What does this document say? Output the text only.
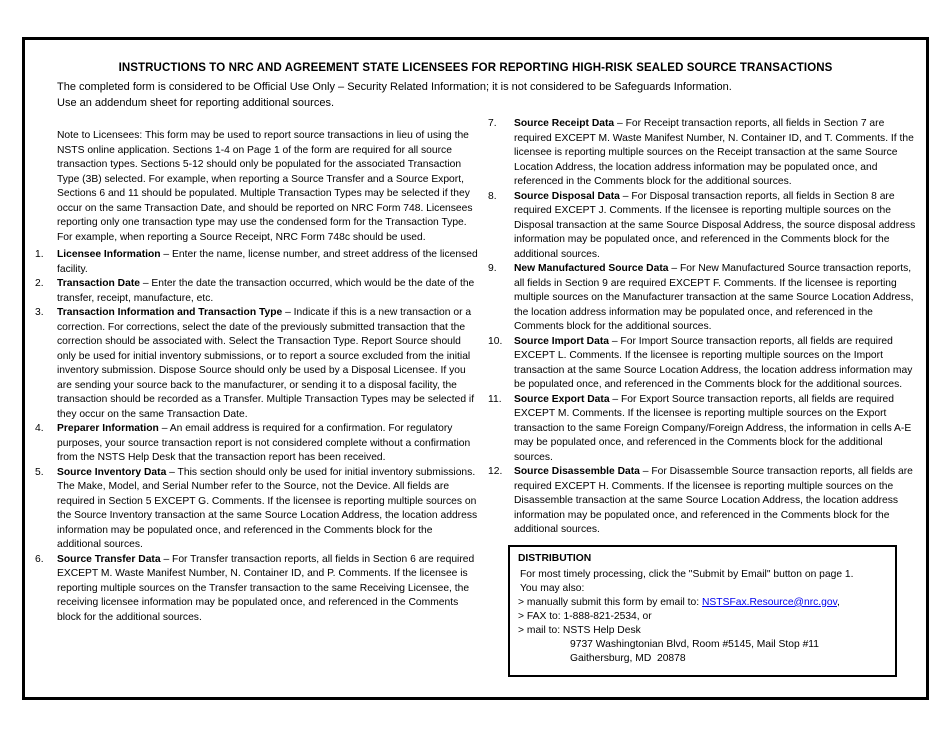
INSTRUCTIONS TO NRC AND AGREEMENT STATE LICENSEES FOR REPORTING HIGH-RISK SEALED SOURCE TRANSACTIONS
The completed form is considered to be Official Use Only – Security Related Information; it is not considered to be Safeguards Information.
Use an addendum sheet for reporting additional sources.
Note to Licensees: This form may be used to report source transactions in lieu of using the NSTS online application. Sections 1-4 on Page 1 of the form are required for all source transaction types. Sections 5-12 should only be populated for the associated Transaction Type (3B) selected. For example, when reporting a Source Transfer and a Source Export, Sections 6 and 11 should be populated. Multiple Transaction Types may be selected if they occur on the same Transaction Date, and should be reported on NRC Form 748. Licensees reporting only one transaction type may use the condensed form for the Transaction Type. For example, when reporting a Source Receipt, NRC Form 748c should be used.
1.	Licensee Information – Enter the name, license number, and street address of the licensed facility.
2.	Transaction Date – Enter the date the transaction occurred, which would be the date of the transfer, receipt, manufacture, etc.
3.	Transaction Information and Transaction Type – Indicate if this is a new transaction or a correction. For corrections, select the date of the previously submitted transaction that the correction should be associated with. Select the Transaction Type. Report Source should only be used for initial inventory submissions, or to report a source excluded from the initial inventory submission. Dispose Source should only be used by a Disposal Licensee. If you are sending your source back to the manufacturer, or sending it to a disposal facility, the transaction should be recorded as a Transfer. Multiple Transaction Types may be selected if they occur on the same Transaction Date.
4.	Preparer Information – An email address is required for a confirmation. For regulatory purposes, your source transaction report is not considered complete without a confirmation from the NSTS Help Desk that the transaction report has been received.
5.	Source Inventory Data – This section should only be used for initial inventory submissions. The Make, Model, and Serial Number refer to the Source, not the Device. All fields are required in Section 5 EXCEPT G. Comments. If the licensee is reporting multiple sources on the Source Inventory transaction at the same Source Location Address, the location address information may be populated once, and referenced in the Comments block for the additional sources.
6.	Source Transfer Data – For Transfer transaction reports, all fields in Section 6 are required EXCEPT M. Waste Manifest Number, N. Container ID, and P. Comments. If the licensee is reporting multiple sources on the Transfer transaction to the same Receiving Licensee, the receiving licensee information may be populated once, and referenced in the Comments block for the additional sources.
7.	Source Receipt Data – For Receipt transaction reports, all fields in Section 7 are required EXCEPT M. Waste Manifest Number, N. Container ID, and T. Comments. If the licensee is reporting multiple sources on the Receipt transaction at the same Source Location Address, the location address information may be populated once, and referenced in the Comments block for the additional sources.
8.	Source Disposal Data – For Disposal transaction reports, all fields in Section 8 are required EXCEPT J. Comments. If the licensee is reporting multiple sources on the Disposal transaction at the same Source Disposal Address, the source disposal address information may be populated once, and referenced in the Comments block for the additional sources.
9.	New Manufactured Source Data – For New Manufactured Source transaction reports, all fields in Section 9 are required EXCEPT F. Comments. If the licensee is reporting multiple sources on the Manufacturer transaction at the same Source Location Address, the location address information may be populated once, and referenced in the Comments block for the additional sources.
10.	Source Import Data – For Import Source transaction reports, all fields are required EXCEPT L. Comments. If the licensee is reporting multiple sources on the Import transaction at the same Source Location Address, the location address information may be populated once, and referenced in the Comments block for the additional sources.
11.	Source Export Data – For Export Source transaction reports, all fields are required EXCEPT M. Comments. If the licensee is reporting multiple sources on the Export transaction to the same Foreign Company/Foreign Address, the information in cells A-E may be populated once, and referenced in the Comments block for the additional sources.
12.	Source Disassemble Data – For Disassemble Source transaction reports, all fields are required EXCEPT H. Comments. If the licensee is reporting multiple sources on the Disassemble transaction at the same Source Location Address, the location address information may be populated once, and referenced in the Comments block for the additional sources.
DISTRIBUTION
For most timely processing, click the "Submit by Email" button on page 1.
You may also:
> manually submit this form by email to: NSTSFax.Resource@nrc.gov,
> FAX to: 1-888-821-2534, or
> mail to: NSTS Help Desk
9737 Washingtonian Blvd, Room #5145, Mail Stop #11
Gaithersburg, MD  20878
